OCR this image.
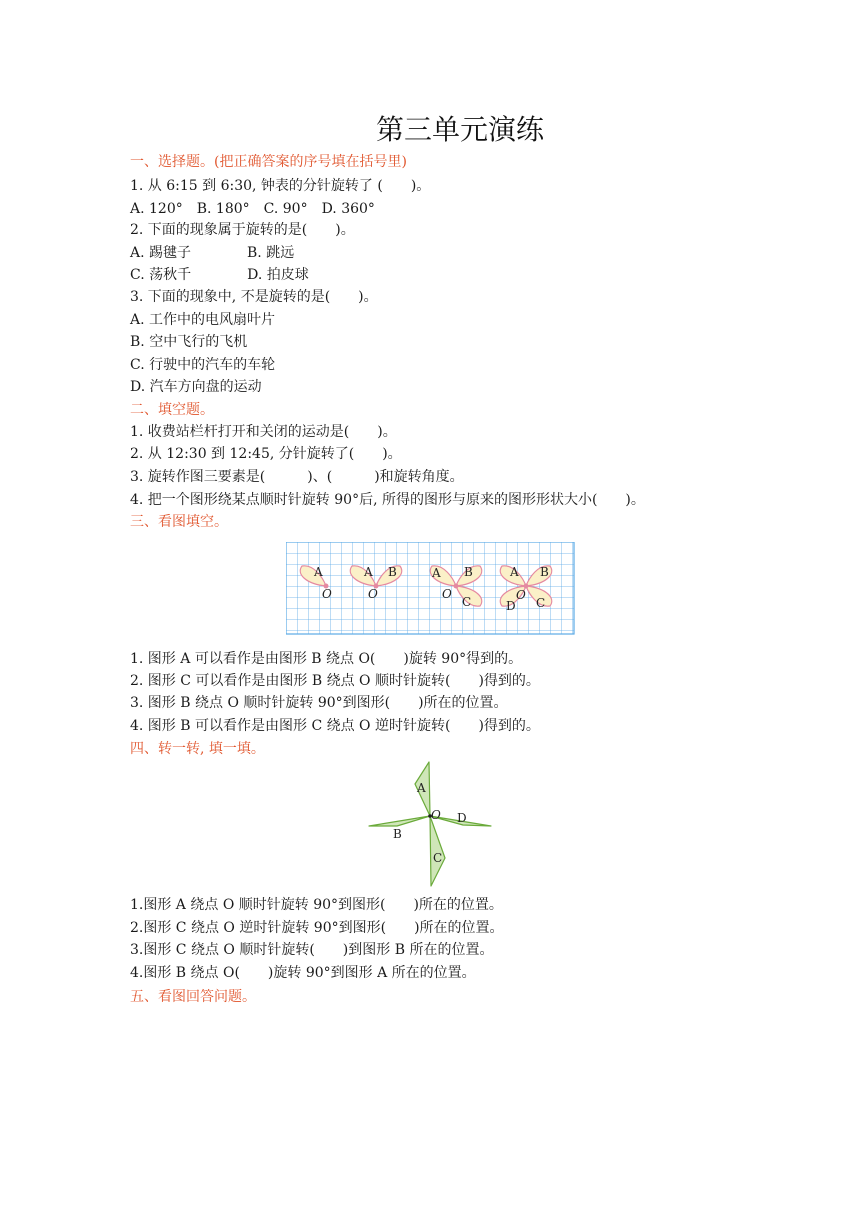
第三单元演练
一、选择题。(把正确答案的序号填在括号里)
1. 从 6:15 到 6:30, 钟表的分针旋转了 (　　)。
A. 120°　B. 180°　C. 90°　D. 360°
2. 下面的现象属于旋转的是(　　)。
A. 踢毽子　　　　B. 跳远
C. 荡秋千　　　　D. 拍皮球
3. 下面的现象中, 不是旋转的是(　　)。
A. 工作中的电风扇叶片
B. 空中飞行的飞机
C. 行驶中的汽车的车轮
D. 汽车方向盘的运动
二、填空题。
1. 收费站栏杆打开和关闭的运动是(　　)。
2. 从 12:30 到 12:45, 分针旋转了(　　)。
3. 旋转作图三要素是(　　　)、(　　　)和旋转角度。
4. 把一个图形绕某点顺时针旋转 90°后, 所得的图形与原来的图形形状大小(　　)。
三、看图填空。
A
O
A B
O
A B
C
O
A B
C
D
O
1. 图形 A 可以看作是由图形 B 绕点 O(　　)旋转 90°得到的。
2. 图形 C 可以看作是由图形 B 绕点 O 顺时针旋转(　　)得到的。
3. 图形 B 绕点 O 顺时针旋转 90°到图形(　　)所在的位置。
4. 图形 B 可以看作是由图形 C 绕点 O 逆时针旋转(　　)得到的。
四、转一转, 填一填。
A
D
B
C
O
1.图形 A 绕点 O 顺时针旋转 90°到图形(　　)所在的位置。
2.图形 C 绕点 O 逆时针旋转 90°到图形(　　)所在的位置。
3.图形 C 绕点 O 顺时针旋转(　　)到图形 B 所在的位置。
4.图形 B 绕点 O(　　)旋转 90°到图形 A 所在的位置。
五、看图回答问题。
